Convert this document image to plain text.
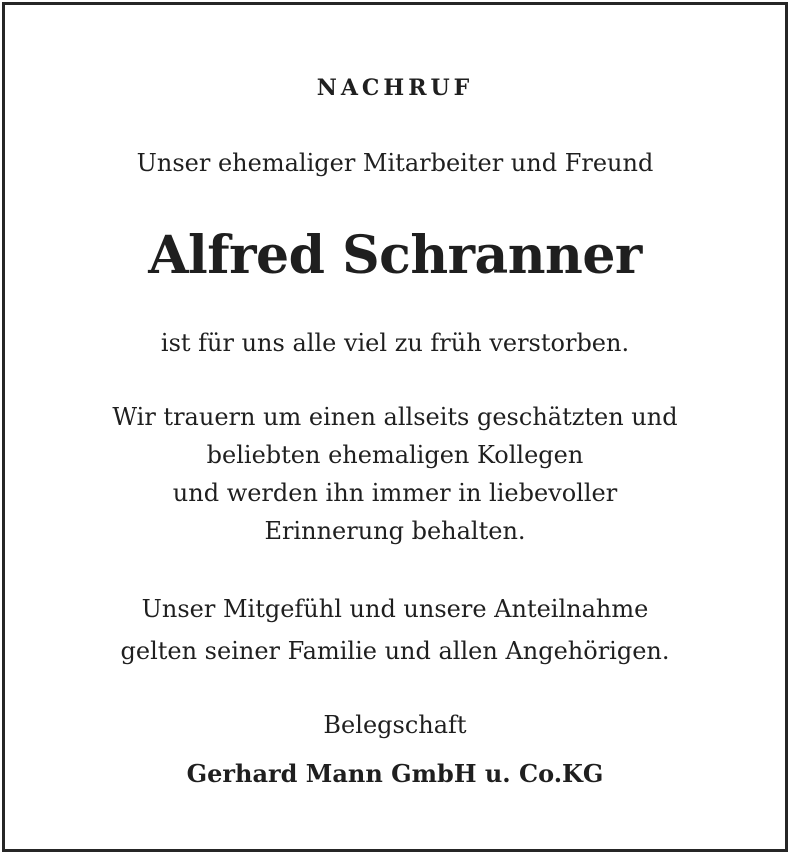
NACHRUF
Unser ehemaliger Mitarbeiter und Freund
Alfred Schranner
ist für uns alle viel zu früh verstorben.
Wir trauern um einen allseits geschätzten und
beliebten ehemaligen Kollegen
und werden ihn immer in liebevoller
Erinnerung behalten.
Unser Mitgefühl und unsere Anteilnahme
gelten seiner Familie und allen Angehörigen.
Belegschaft
Gerhard Mann GmbH u. Co.KG
